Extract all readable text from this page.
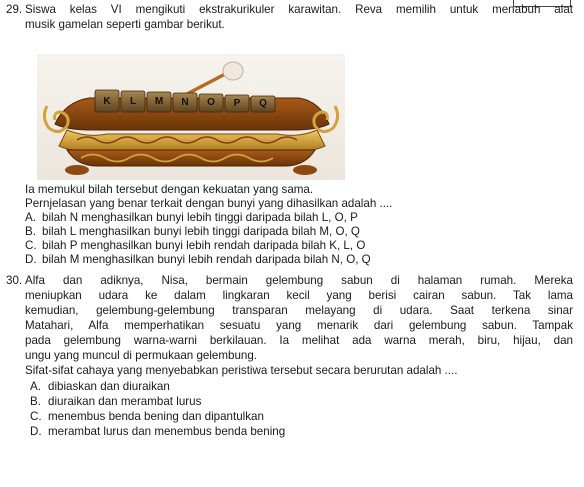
29. Siswa kelas VI mengikuti ekstrakurikuler karawitan. Reva memilih untuk menabuh alat
musik gamelan seperti gambar berikut.
K L M N O P Q
Ia memukul bilah tersebut dengan kekuatan yang sama.
Pernjelasan yang benar terkait dengan bunyi yang dihasilkan adalah ....
A. bilah N menghasilkan bunyi lebih tinggi daripada bilah L, O, P
B. bilah L menghasilkan bunyi lebih tinggi daripada bilah M, O, Q
C. bilah P menghasilkan bunyi lebih rendah daripada bilah K, L, O
D. bilah M menghasilkan bunyi lebih rendah daripada bilah N, O, Q
30. Alfa dan adiknya, Nisa, bermain gelembung sabun di halaman rumah. Mereka
meniupkan udara ke dalam lingkaran kecil yang berisi cairan sabun. Tak lama
kemudian, gelembung-gelembung transparan melayang di udara. Saat terkena sinar
Matahari, Alfa memperhatikan sesuatu yang menarik dari gelembung sabun. Tampak
pada gelembung warna-warni berkilauan. Ia melihat ada warna merah, biru, hijau, dan
ungu yang muncul di permukaan gelembung.
Sifat-sifat cahaya yang menyebabkan peristiwa tersebut secara berurutan adalah ....
A. dibiaskan dan diuraikan
B. diuraikan dan merambat lurus
C. menembus benda bening dan dipantulkan
D. merambat lurus dan menembus benda bening
